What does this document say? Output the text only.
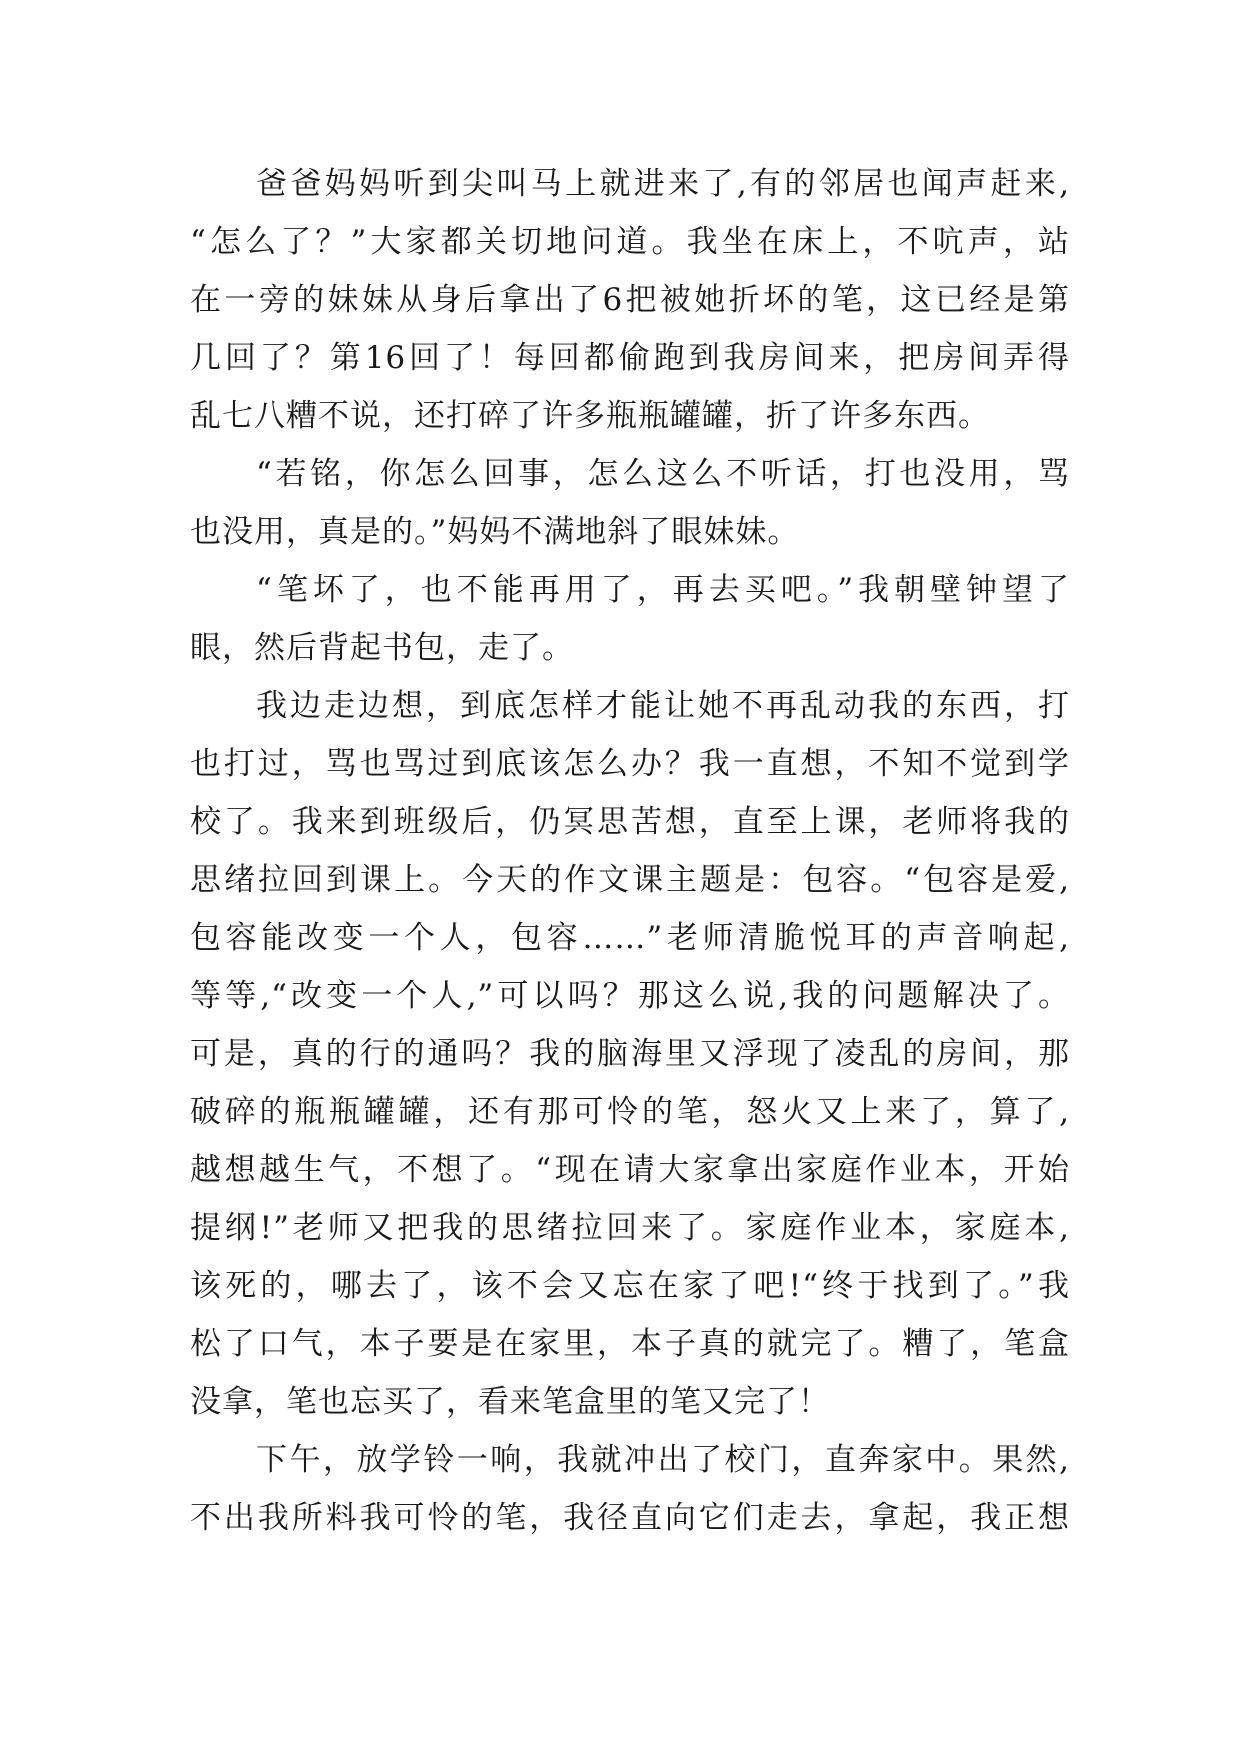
爸爸妈妈听到尖叫马上就进来了,有的邻居也闻声赶来,
“怎么了？”大家都关切地问道。我坐在床上，不吭声，站
在一旁的妹妹从身后拿出了6把被她折坏的笔，这已经是第
几回了？第16回了！每回都偷跑到我房间来，把房间弄得
乱七八糟不说，还打碎了许多瓶瓶罐罐，折了许多东西。
“若铭，你怎么回事，怎么这么不听话，打也没用，骂
也没用，真是的。”妈妈不满地斜了眼妹妹。
“笔坏了，也不能再用了，再去买吧。”我朝壁钟望了
眼，然后背起书包，走了。
我边走边想，到底怎样才能让她不再乱动我的东西，打
也打过，骂也骂过到底该怎么办？我一直想，不知不觉到学
校了。我来到班级后，仍冥思苦想，直至上课，老师将我的
思绪拉回到课上。今天的作文课主题是：包容。“包容是爱,
包容能改变一个人，包容……”老师清脆悦耳的声音响起,
等等,“改变一个人,”可以吗？那这么说,我的问题解决了。
可是，真的行的通吗？我的脑海里又浮现了凌乱的房间，那
破碎的瓶瓶罐罐，还有那可怜的笔，怒火又上来了，算了,
越想越生气，不想了。“现在请大家拿出家庭作业本，开始
提纲!”老师又把我的思绪拉回来了。家庭作业本，家庭本,
该死的，哪去了，该不会又忘在家了吧!“终于找到了。”我
松了口气，本子要是在家里，本子真的就完了。糟了，笔盒
没拿，笔也忘买了，看来笔盒里的笔又完了！
下午，放学铃一响，我就冲出了校门，直奔家中。果然,
不出我所料我可怜的笔，我径直向它们走去，拿起，我正想
